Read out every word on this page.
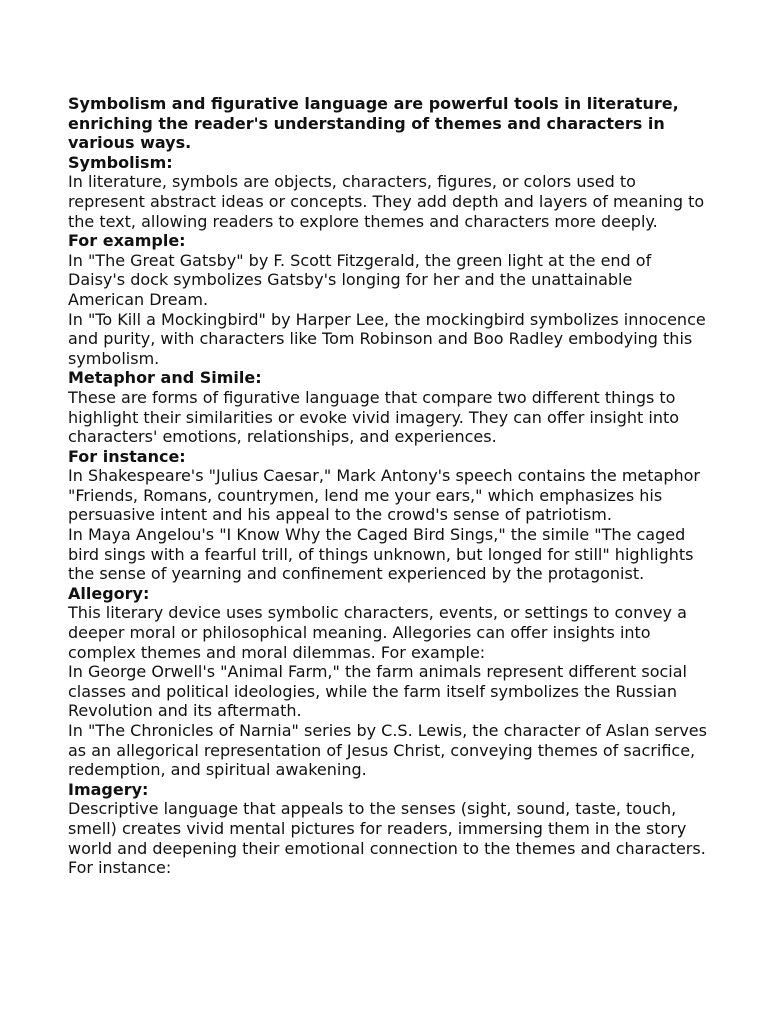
Symbolism and figurative language are powerful tools in literature, enriching the reader's understanding of themes and characters in various ways.

Symbolism:

In literature, symbols are objects, characters, figures, or colors used to represent abstract ideas or concepts. They add depth and layers of meaning to the text, allowing readers to explore themes and characters more deeply.

For example:

In "The Great Gatsby" by F. Scott Fitzgerald, the green light at the end of Daisy's dock symbolizes Gatsby's longing for her and the unattainable American Dream.

In "To Kill a Mockingbird" by Harper Lee, the mockingbird symbolizes innocence and purity, with characters like Tom Robinson and Boo Radley embodying this symbolism.

Metaphor and Simile:

These are forms of figurative language that compare two different things to highlight their similarities or evoke vivid imagery. They can offer insight into characters' emotions, relationships, and experiences.

For instance:

In Shakespeare's "Julius Caesar," Mark Antony's speech contains the metaphor "Friends, Romans, countrymen, lend me your ears," which emphasizes his persuasive intent and his appeal to the crowd's sense of patriotism.

In Maya Angelou's "I Know Why the Caged Bird Sings," the simile "The caged bird sings with a fearful trill, of things unknown, but longed for still" highlights the sense of yearning and confinement experienced by the protagonist.

Allegory:

This literary device uses symbolic characters, events, or settings to convey a deeper moral or philosophical meaning. Allegories can offer insights into complex themes and moral dilemmas. For example:

In George Orwell's "Animal Farm," the farm animals represent different social classes and political ideologies, while the farm itself symbolizes the Russian Revolution and its aftermath.

In "The Chronicles of Narnia" series by C.S. Lewis, the character of Aslan serves as an allegorical representation of Jesus Christ, conveying themes of sacrifice, redemption, and spiritual awakening.

Imagery:

Descriptive language that appeals to the senses (sight, sound, taste, touch, smell) creates vivid mental pictures for readers, immersing them in the story world and deepening their emotional connection to the themes and characters. For instance:
